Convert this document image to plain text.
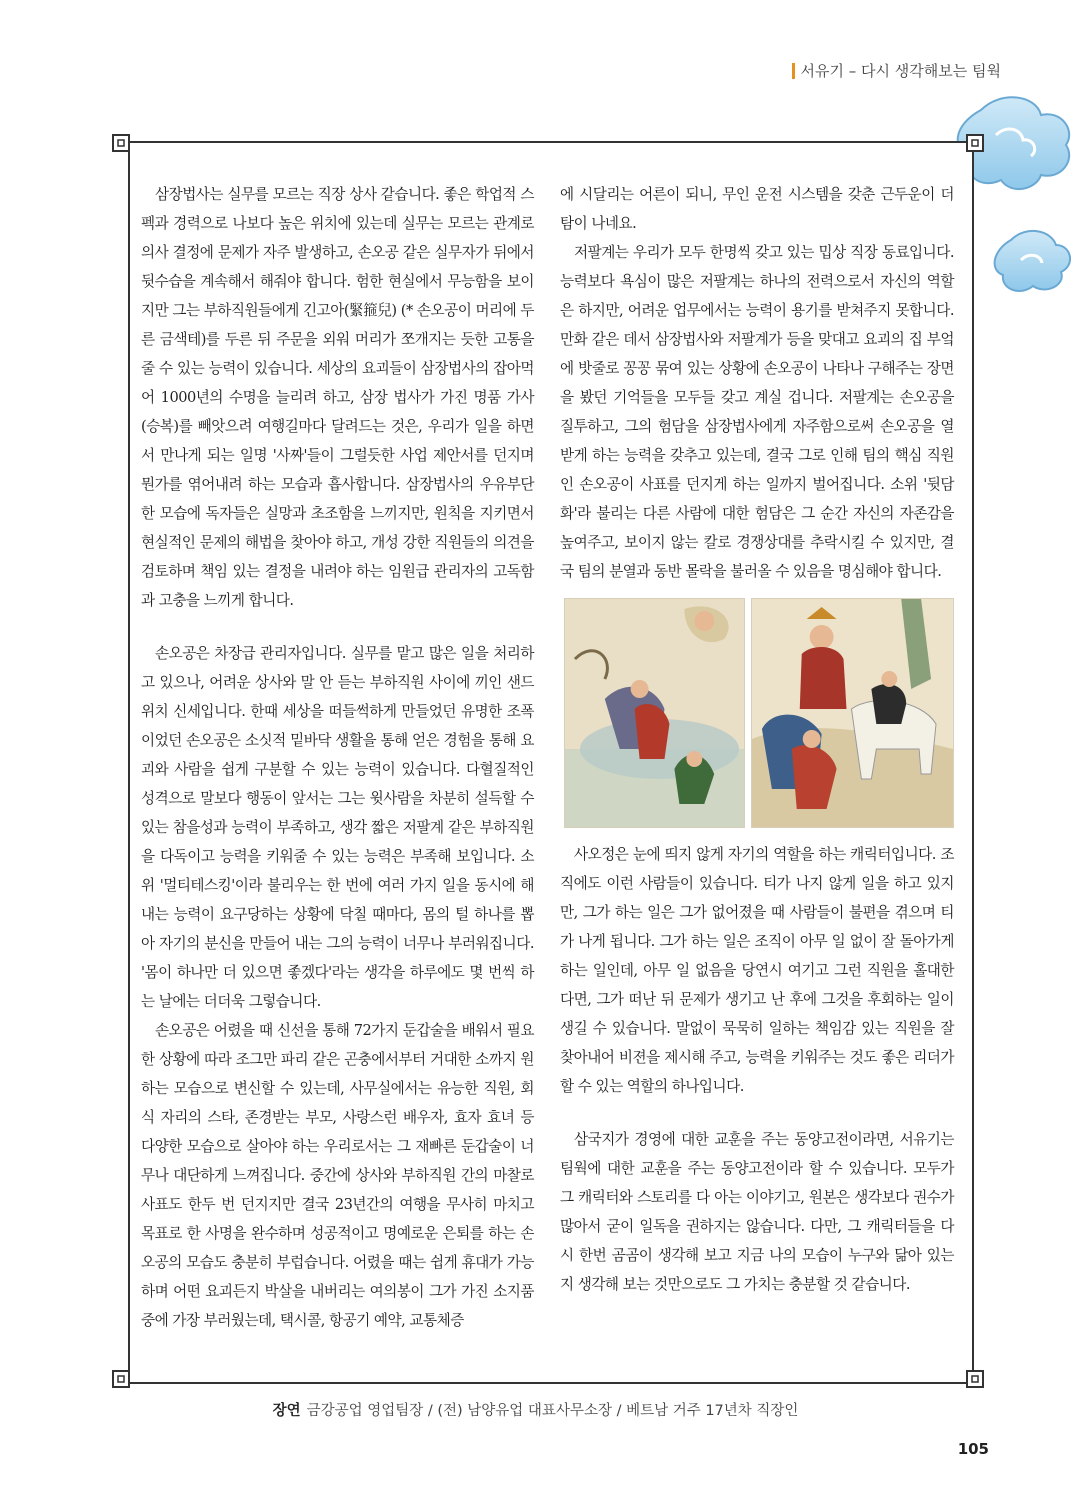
서유기 – 다시 생각해보는 팀웍

삼장법사는 실무를 모르는 직장 상사 같습니다. 좋은 학업적 스펙과 경력으로 나보다 높은 위치에 있는데 실무는 모르는 관계로 의사 결정에 문제가 자주 발생하고, 손오공 같은 실무자가 뒤에서 뒷수습을 계속해서 해줘야 합니다. 험한 현실에서 무능함을 보이지만 그는 부하직원들에게 긴고아(緊箍兒) (* 손오공이 머리에 두른 금색테)를 두른 뒤 주문을 외워 머리가 쪼개지는 듯한 고통을 줄 수 있는 능력이 있습니다. 세상의 요괴들이 삼장법사의 잡아먹어 1000년의 수명을 늘리려 하고, 삼장 법사가 가진 명품 가사(승복)를 빼앗으려 여행길마다 달려드는 것은, 우리가 일을 하면서 만나게 되는 일명 '사짜'들이 그럴듯한 사업 제안서를 던지며 뭔가를 엮어내려 하는 모습과 흡사합니다. 삼장법사의 우유부단한 모습에 독자들은 실망과 초조함을 느끼지만, 원칙을 지키면서 현실적인 문제의 해법을 찾아야 하고, 개성 강한 직원들의 의견을 검토하며 책임 있는 결정을 내려야 하는 임원급 관리자의 고독함과 고충을 느끼게 합니다.

손오공은 차장급 관리자입니다. 실무를 맡고 많은 일을 처리하고 있으나, 어려운 상사와 말 안 듣는 부하직원 사이에 끼인 샌드위치 신세입니다. 한때 세상을 떠들썩하게 만들었던 유명한 조폭이었던 손오공은 소싯적 밑바닥 생활을 통해 얻은 경험을 통해 요괴와 사람을 쉽게 구분할 수 있는 능력이 있습니다. 다혈질적인 성격으로 말보다 행동이 앞서는 그는 윗사람을 차분히 설득할 수 있는 참을성과 능력이 부족하고, 생각 짧은 저팔계 같은 부하직원을 다독이고 능력을 키워줄 수 있는 능력은 부족해 보입니다. 소위 '멀티테스킹'이라 불리우는 한 번에 여러 가지 일을 동시에 해내는 능력이 요구당하는 상황에 닥칠 때마다, 몸의 털 하나를 뽑아 자기의 분신을 만들어 내는 그의 능력이 너무나 부러워집니다. '몸이 하나만 더 있으면 좋겠다'라는 생각을 하루에도 몇 번씩 하는 날에는 더더욱 그렇습니다.

손오공은 어렸을 때 신선을 통해 72가지 둔갑술을 배워서 필요한 상황에 따라 조그만 파리 같은 곤충에서부터 거대한 소까지 원하는 모습으로 변신할 수 있는데, 사무실에서는 유능한 직원, 회식 자리의 스타, 존경받는 부모, 사랑스런 배우자, 효자 효녀 등 다양한 모습으로 살아야 하는 우리로서는 그 재빠른 둔갑술이 너무나 대단하게 느껴집니다. 중간에 상사와 부하직원 간의 마찰로 사표도 한두 번 던지지만 결국 23년간의 여행을 무사히 마치고 목표로 한 사명을 완수하며 성공적이고 명예로운 은퇴를 하는 손오공의 모습도 충분히 부럽습니다. 어렸을 때는 쉽게 휴대가 가능하며 어떤 요괴든지 박살을 내버리는 여의봉이 그가 가진 소지품 중에 가장 부러웠는데, 택시콜, 항공기 예약, 교통체증

에 시달리는 어른이 되니, 무인 운전 시스템을 갖춘 근두운이 더 탐이 나네요.

저팔계는 우리가 모두 한명씩 갖고 있는 밉상 직장 동료입니다. 능력보다 욕심이 많은 저팔계는 하나의 전력으로서 자신의 역할은 하지만, 어려운 업무에서는 능력이 용기를 받쳐주지 못합니다. 만화 같은 데서 삼장법사와 저팔계가 등을 맞대고 요괴의 집 부엌에 밧줄로 꽁꽁 묶여 있는 상황에 손오공이 나타나 구해주는 장면을 봤던 기억들을 모두들 갖고 계실 겁니다. 저팔계는 손오공을 질투하고, 그의 험담을 삼장법사에게 자주함으로써 손오공을 열받게 하는 능력을 갖추고 있는데, 결국 그로 인해 팀의 핵심 직원인 손오공이 사표를 던지게 하는 일까지 벌어집니다. 소위 '뒷담화'라 불리는 다른 사람에 대한 험담은 그 순간 자신의 자존감을 높여주고, 보이지 않는 칼로 경쟁상대를 추락시킬 수 있지만, 결국 팀의 분열과 동반 몰락을 불러올 수 있음을 명심해야 합니다.

사오정은 눈에 띄지 않게 자기의 역할을 하는 캐릭터입니다. 조직에도 이런 사람들이 있습니다. 티가 나지 않게 일을 하고 있지만, 그가 하는 일은 그가 없어졌을 때 사람들이 불편을 겪으며 티가 나게 됩니다. 그가 하는 일은 조직이 아무 일 없이 잘 돌아가게 하는 일인데, 아무 일 없음을 당연시 여기고 그런 직원을 홀대한다면, 그가 떠난 뒤 문제가 생기고 난 후에 그것을 후회하는 일이 생길 수 있습니다. 말없이 묵묵히 일하는 책임감 있는 직원을 잘 찾아내어 비젼을 제시해 주고, 능력을 키워주는 것도 좋은 리더가 할 수 있는 역할의 하나입니다.

삼국지가 경영에 대한 교훈을 주는 동양고전이라면, 서유기는 팀웍에 대한 교훈을 주는 동양고전이라 할 수 있습니다. 모두가 그 캐릭터와 스토리를 다 아는 이야기고, 원본은 생각보다 권수가 많아서 굳이 일독을 권하지는 않습니다. 다만, 그 캐릭터들을 다시 한번 곰곰이 생각해 보고 지금 나의 모습이 누구와 닮아 있는지 생각해 보는 것만으로도 그 가치는 충분할 것 같습니다.

장연 금강공업 영업팀장 / (전) 남양유업 대표사무소장 / 베트남 거주 17년차 직장인
105
